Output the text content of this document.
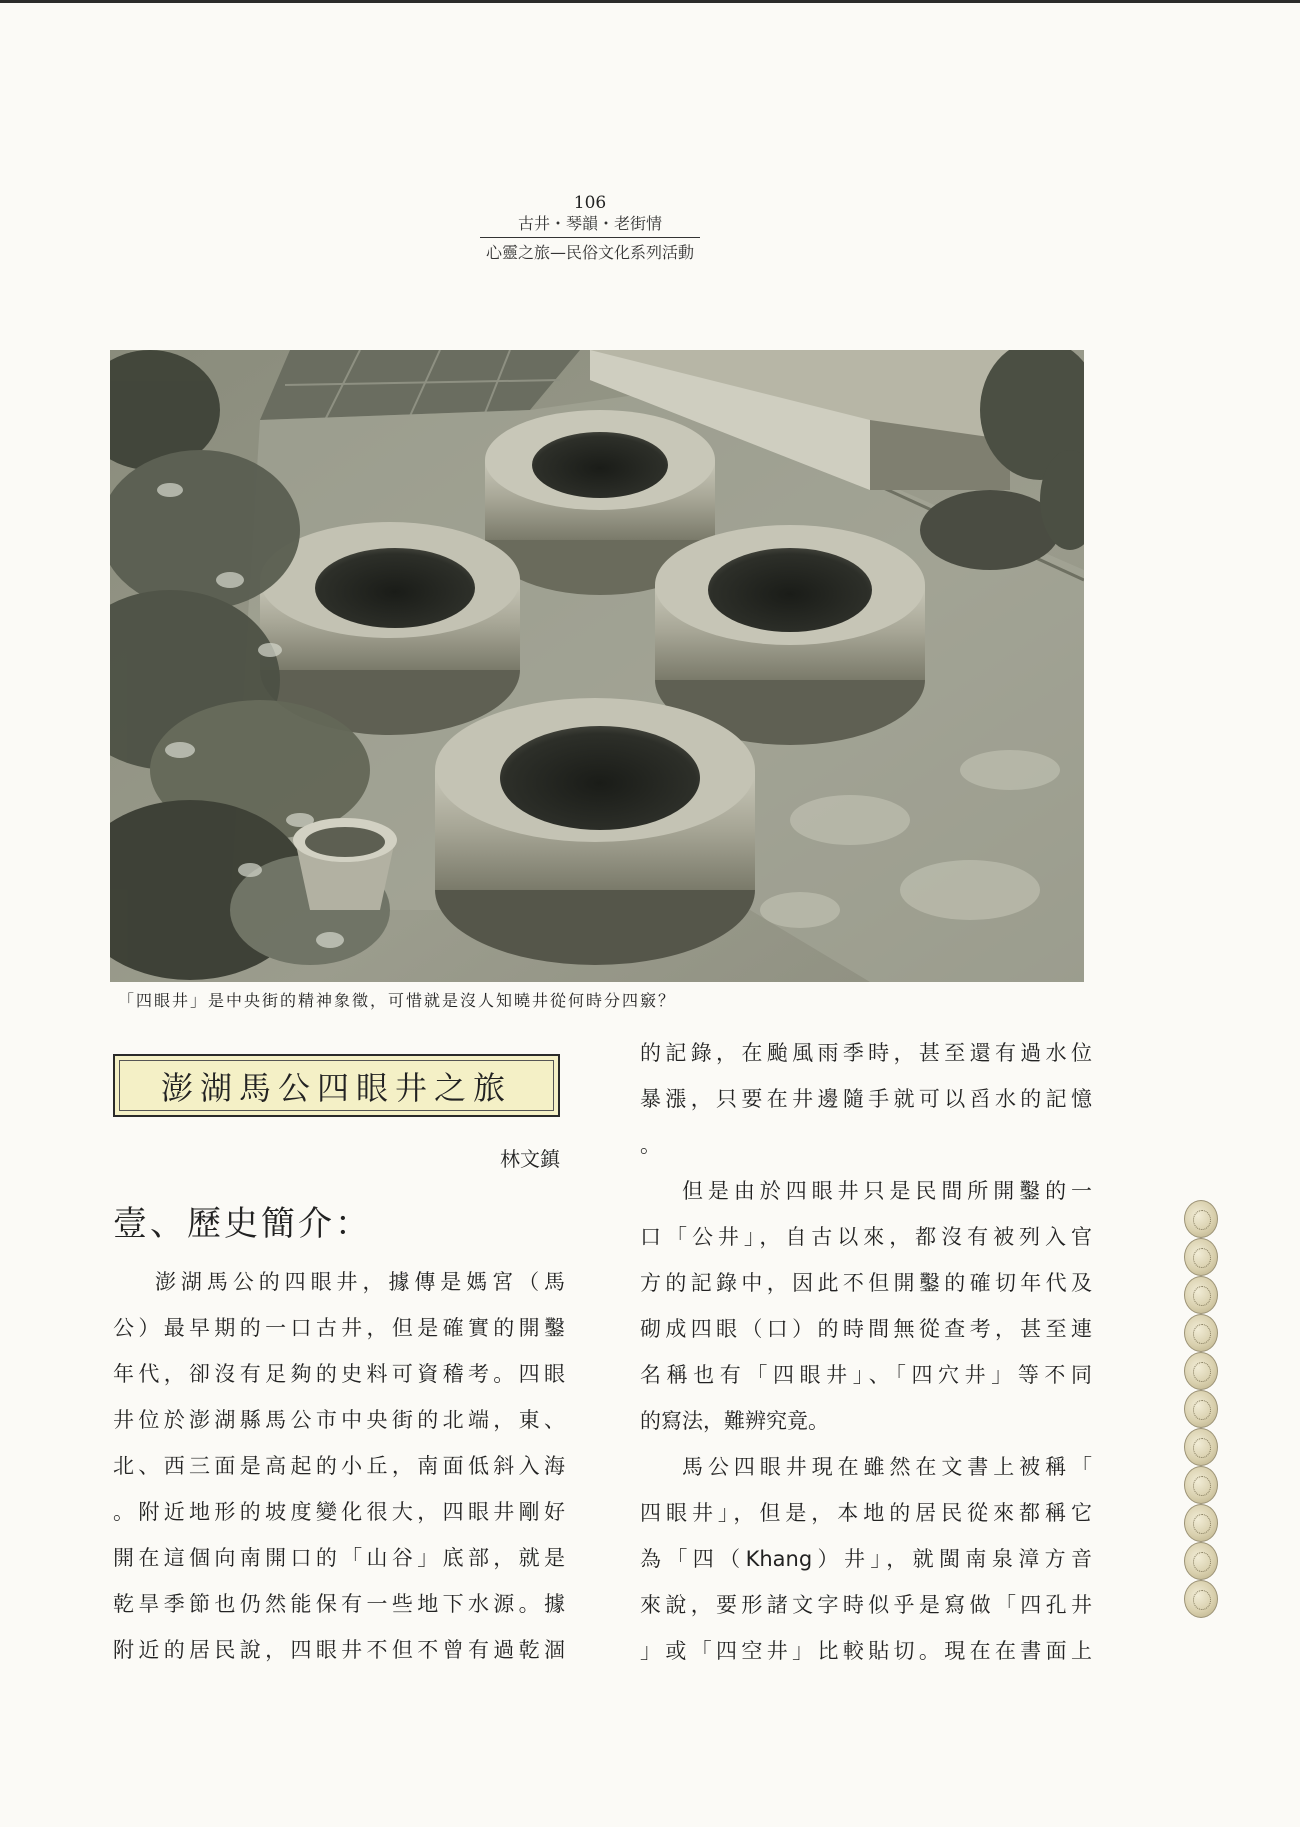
106
古井・琴韻・老街情
心靈之旅—民俗文化系列活動
「四眼井」是中央街的精神象徵，可惜就是沒人知曉井從何時分四竅？
澎湖馬公四眼井之旅
林文鎮
壹、歷史簡介：

澎湖馬公的四眼井，據傳是媽宮（馬

公）最早期的一口古井，但是確實的開鑿

年代，卻沒有足夠的史料可資稽考。四眼

井位於澎湖縣馬公市中央街的北端，東、

北、西三面是高起的小丘，南面低斜入海

。附近地形的坡度變化很大，四眼井剛好

開在這個向南開口的「山谷」底部，就是

乾旱季節也仍然能保有一些地下水源。據

附近的居民說，四眼井不但不曾有過乾涸

的記錄，在颱風雨季時，甚至還有過水位

暴漲，只要在井邊隨手就可以舀水的記憶

。

但是由於四眼井只是民間所開鑿的一

口「公井」，自古以來，都沒有被列入官

方的記錄中，因此不但開鑿的確切年代及

砌成四眼（口）的時間無從查考，甚至連

名稱也有「四眼井」、「四穴井」等不同

的寫法，難辨究竟。

馬公四眼井現在雖然在文書上被稱「

四眼井」，但是，本地的居民從來都稱它

為「四（Khang）井」，就閩南泉漳方音

來說，要形諸文字時似乎是寫做「四孔井

」或「四空井」比較貼切。現在在書面上
